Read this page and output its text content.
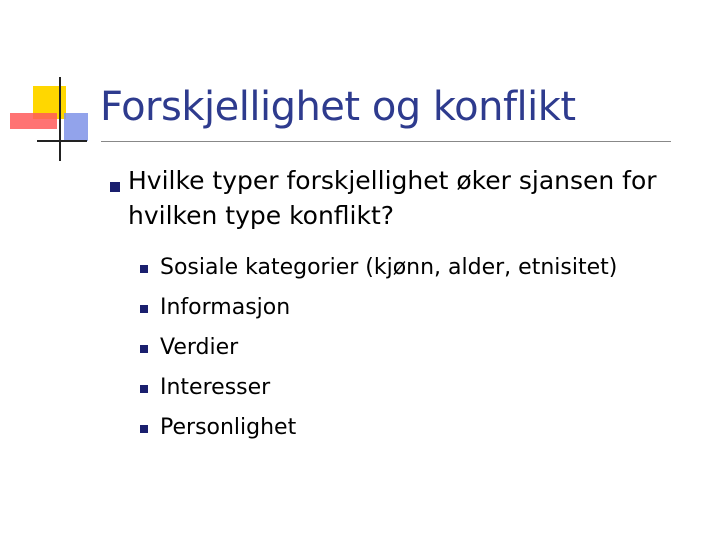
Forskjellighet og konflikt
Hvilke typer forskjellighet øker sjansen for hvilken type konflikt?
Sosiale kategorier (kjønn, alder, etnisitet)
Informasjon
Verdier
Interesser
Personlighet
